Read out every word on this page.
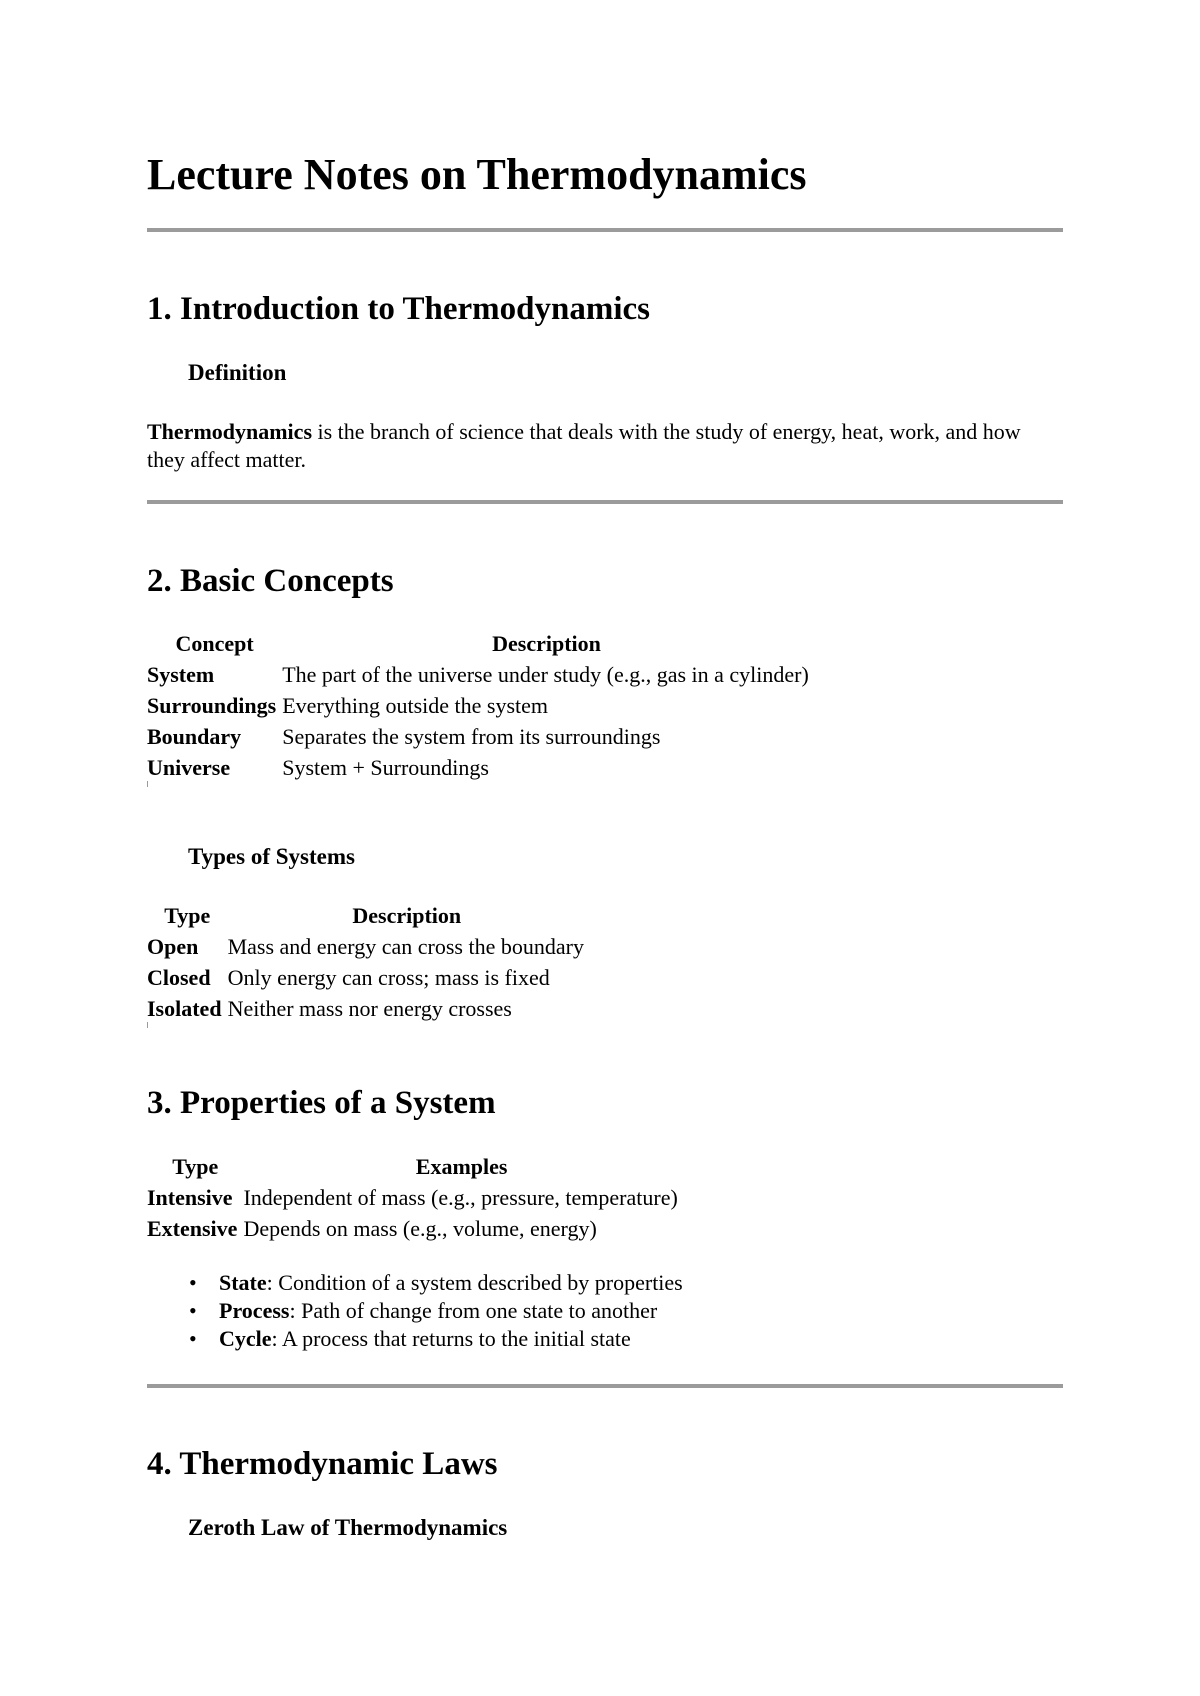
Lecture Notes on Thermodynamics
1. Introduction to Thermodynamics
Definition

Thermodynamics is the branch of science that deals with the study of energy, heat, work, and how they affect matter.

2. Basic Concepts
Concept	Description
System	The part of the universe under study (e.g., gas in a cylinder)
Surroundings	Everything outside the system
Boundary	Separates the system from its surroundings
Universe	System + Surroundings
Types of Systems
Type	Description
Open	Mass and energy can cross the boundary
Closed	Only energy can cross; mass is fixed
Isolated	Neither mass nor energy crosses
3. Properties of a System
Type	Examples
Intensive	Independent of mass (e.g., pressure, temperature)
Extensive	Depends on mass (e.g., volume, energy)
• State: Condition of a system described by properties
• Process: Path of change from one state to another
• Cycle: A process that returns to the initial state
4. Thermodynamic Laws
Zeroth Law of Thermodynamics
